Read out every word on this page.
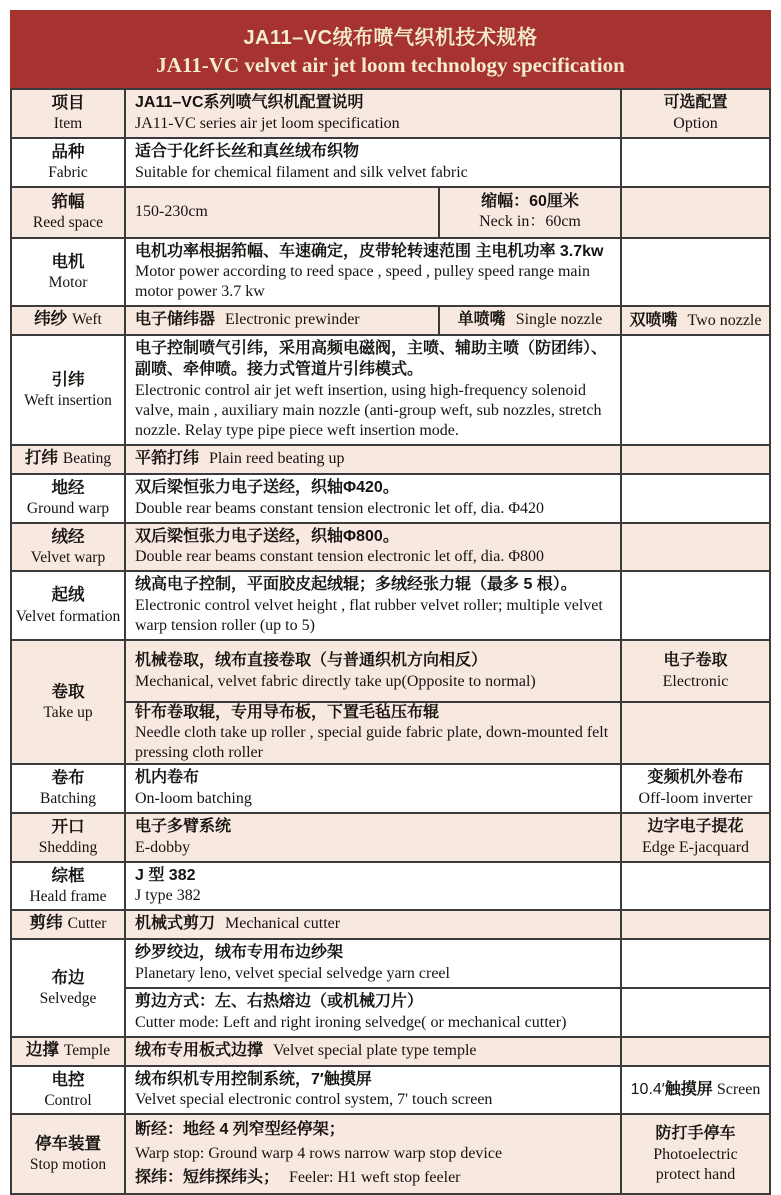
JA11–VC绒布喷气织机技术规格
JA11-VC velvet air jet loom technology specification
项目
Item

JA11–VC系列喷气织机配置说明

JA11-VC series air jet loom specification

可选配置
Option
品种
Fabric

适合于化纤长丝和真丝绒布织物

Suitable for chemical filament and silk velvet fabric

筘幅
Reed space

150-230cm

缩幅：60厘米
Neck in：60cm
电机
Motor

电机功率根据筘幅、车速确定，皮带轮转速范围 主电机功率 3.7kw

Motor power according to reed space , speed , pulley speed range main motor power 3.7 kw

纬纱 Weft 电子储纬器 Electronic prewinder	单喷嘴 Single nozzle 双喷嘴 Two nozzle

引纬
Weft insertion

电子控制喷气引纬，采用高频电磁阀，主喷、辅助主喷（防团纬）、副喷、牵伸喷。接力式管道片引纬模式。

Electronic control air jet weft insertion, using high-frequency solenoid valve, main , auxiliary main nozzle (anti-group weft, sub nozzles, stretch nozzle. Relay type pipe piece weft insertion mode.

打纬 Beating 平筘打纬 Plain reed beating up

地经
Ground warp

双后梁恒张力电子送经，织轴Φ420。

Double rear beams constant tension electronic let off, dia. Φ420

绒经
Velvet warp

双后梁恒张力电子送经，织轴Φ800。

Double rear beams constant tension electronic let off, dia. Φ800

起绒
Velvet formation

绒高电子控制，平面胶皮起绒辊；多绒经张力辊（最多 5 根）。

Electronic control velvet height , flat rubber velvet roller; multiple velvet warp tension roller (up to 5)

卷取
Take up

机械卷取，绒布直接卷取（与普通织机方向相反）

Mechanical, velvet fabric directly take up(Opposite to normal)

电子卷取
Electronic

针布卷取辊，专用导布板，下置毛毡压布辊

Needle cloth take up roller , special guide fabric plate, down-mounted felt pressing cloth roller

卷布
Batching

机内卷布

On-loom batching

变频机外卷布
Off-loom inverter
开口
Shedding

电子多臂系统

E-dobby

边字电子提花
Edge E-jacquard
综框
Heald frame

J 型 382

J type 382

剪纬 Cutter 机械式剪刀 Mechanical cutter

布边
Selvedge

纱罗绞边，绒布专用布边纱架

Planetary leno, velvet special selvedge yarn creel

剪边方式：左、右热熔边（或机械刀片）

Cutter mode: Left and right ironing selvedge( or mechanical cutter)

边撑 Temple 绒布专用板式边撑 Velvet special plate type temple

电控
Control

绒布织机专用控制系统，7′触摸屏

Velvet special electronic control system, 7' touch screen

10.4′触摸屏 Screen

停车装置
Stop motion

断经：地经 4 列窄型经停架；

Warp stop: Ground warp 4 rows narrow warp stop device

探纬：短纬探纬头； Feeler: H1 weft stop feeler

防打手停车
Photoelectric
protect hand
